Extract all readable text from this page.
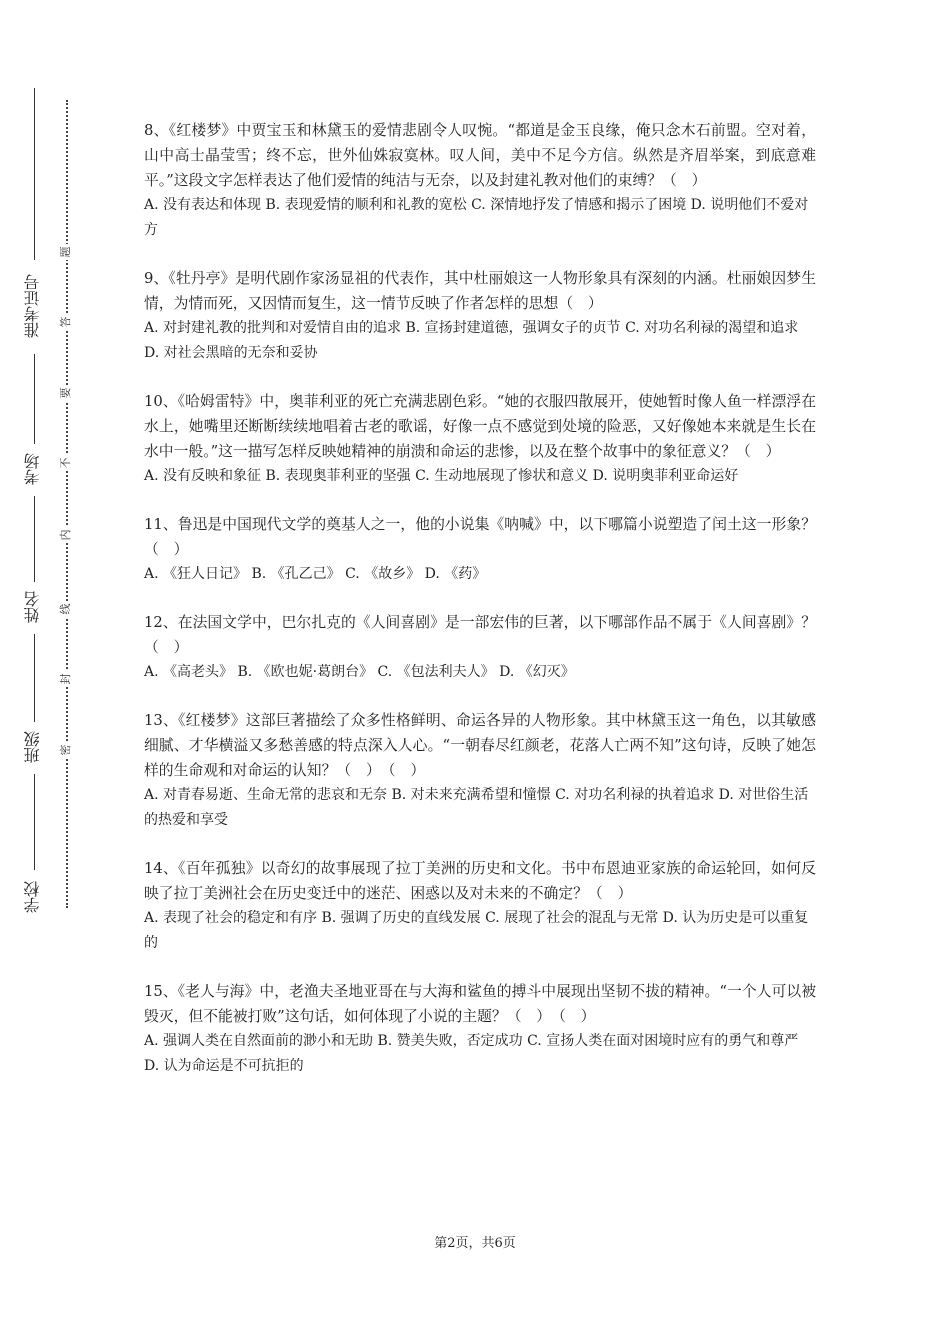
准考证号
考场
姓名
班级
学校
题
答
要
不
内
线
封
密

8、《红楼梦》中贾宝玉和林黛玉的爱情悲剧令人叹惋。“都道是金玉良缘，俺只念木石前盟。空对着，山中高士晶莹雪；终不忘，世外仙姝寂寞林。叹人间，美中不足今方信。纵然是齐眉举案，到底意难平。”这段文字怎样表达了他们爱情的纯洁与无奈，以及封建礼教对他们的束缚？（　）

A. 没有表达和体现 B. 表现爱情的顺利和礼教的宽松 C. 深情地抒发了情感和揭示了困境 D. 说明他们不爱对方

9、《牡丹亭》是明代剧作家汤显祖的代表作，其中杜丽娘这一人物形象具有深刻的内涵。杜丽娘因梦生情，为情而死，又因情而复生，这一情节反映了作者怎样的思想（　）

A. 对封建礼教的批判和对爱情自由的追求 B. 宣扬封建道德，强调女子的贞节 C. 对功名利禄的渴望和追求 D. 对社会黑暗的无奈和妥协

10、《哈姆雷特》中，奥菲利亚的死亡充满悲剧色彩。“她的衣服四散展开，使她暂时像人鱼一样漂浮在水上，她嘴里还断断续续地唱着古老的歌谣，好像一点不感觉到处境的险恶，又好像她本来就是生长在水中一般。”这一描写怎样反映她精神的崩溃和命运的悲惨，以及在整个故事中的象征意义？（　）

A. 没有反映和象征 B. 表现奥菲利亚的坚强 C. 生动地展现了惨状和意义 D. 说明奥菲利亚命运好

11、鲁迅是中国现代文学的奠基人之一，他的小说集《呐喊》中，以下哪篇小说塑造了闰土这一形象？（　）

A. 《狂人日记》 B. 《孔乙己》 C. 《故乡》 D. 《药》

12、在法国文学中，巴尔扎克的《人间喜剧》是一部宏伟的巨著，以下哪部作品不属于《人间喜剧》？（　）

A. 《高老头》 B. 《欧也妮·葛朗台》 C. 《包法利夫人》 D. 《幻灭》

13、《红楼梦》这部巨著描绘了众多性格鲜明、命运各异的人物形象。其中林黛玉这一角色，以其敏感细腻、才华横溢又多愁善感的特点深入人心。“一朝春尽红颜老，花落人亡两不知”这句诗，反映了她怎样的生命观和对命运的认知？（　）　（　）

A. 对青春易逝、生命无常的悲哀和无奈 B. 对未来充满希望和憧憬 C. 对功名利禄的执着追求 D. 对世俗生活的热爱和享受

14、《百年孤独》以奇幻的故事展现了拉丁美洲的历史和文化。书中布恩迪亚家族的命运轮回，如何反映了拉丁美洲社会在历史变迁中的迷茫、困惑以及对未来的不确定？（　）

A. 表现了社会的稳定和有序 B. 强调了历史的直线发展 C. 展现了社会的混乱与无常 D. 认为历史是可以重复的

15、《老人与海》中，老渔夫圣地亚哥在与大海和鲨鱼的搏斗中展现出坚韧不拔的精神。“一个人可以被毁灭，但不能被打败”这句话，如何体现了小说的主题？（　）　（　）

A. 强调人类在自然面前的渺小和无助 B. 赞美失败，否定成功 C. 宣扬人类在面对困境时应有的勇气和尊严 D. 认为命运是不可抗拒的

第2页，共6页
